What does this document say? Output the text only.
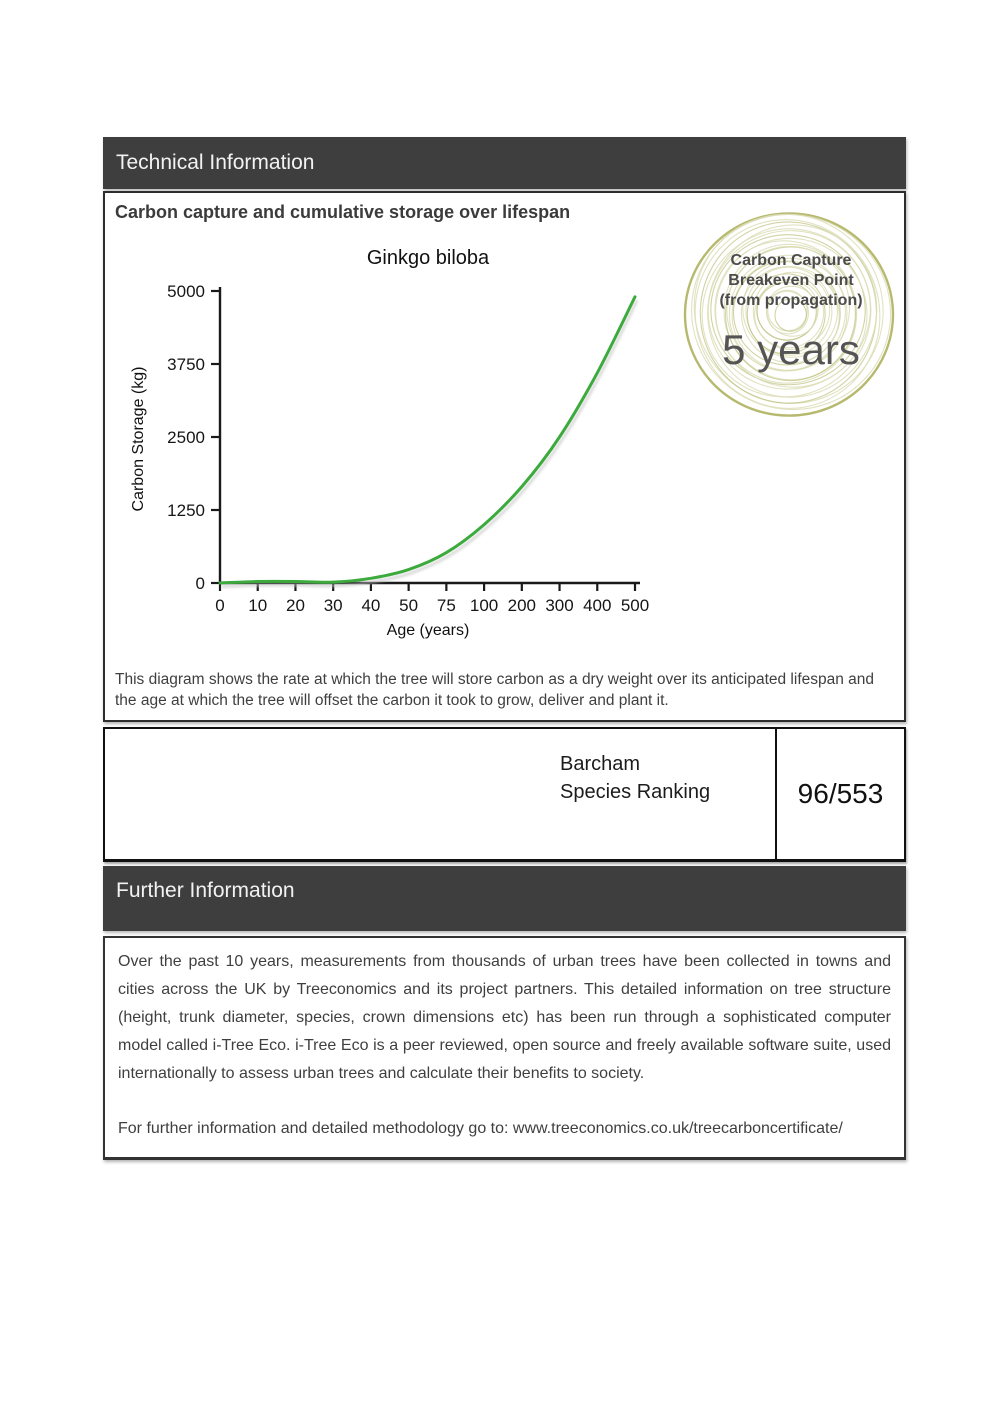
Technical Information
Carbon capture and cumulative storage over lifespan
Ginkgo biloba
Carbon Storage (kg)
Age (years)
0
1250
2500
3750
5000
0 10 20 30 40 50 75 100 200 300 400 500
Carbon Capture
Breakeven Point
(from propagation)
5 years
This diagram shows the rate at which the tree will store carbon as a dry weight over its anticipated lifespan and the age at which the tree will offset the carbon it took to grow, deliver and plant it.
Barcham
Species Ranking	96/553
Further Information

Over the past 10 years, measurements from thousands of urban trees have been collected in towns and cities across the UK by Treeconomics and its project partners. This detailed information on tree structure (height, trunk diameter, species, crown dimensions etc) has been run through a sophisticated computer model called i-Tree Eco. i-Tree Eco is a peer reviewed, open source and freely available software suite, used internationally to assess urban trees and calculate their benefits to society.

For further information and detailed methodology go to: www.treeconomics.co.uk/treecarboncertificate/
